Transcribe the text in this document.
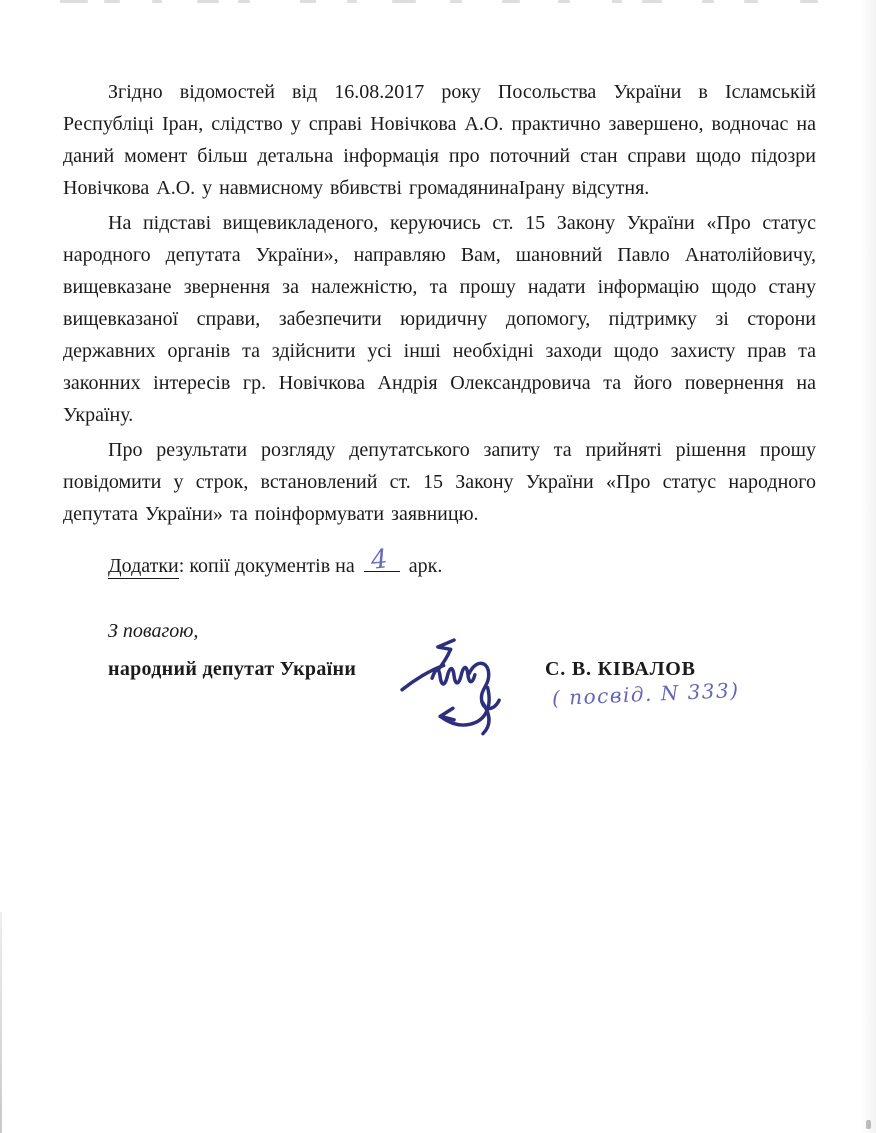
Згідно відомостей від 16.08.2017 року Посольства України в Ісламській Республіці Іран, слідство у справі Новічкова А.О. практично завершено, водночас на даний момент більш детальна інформація про поточний стан справи щодо підозри Новічкова А.О. у навмисному вбивстві громадянинаІрану відсутня.

На підставі вищевикладеного, керуючись ст. 15 Закону України «Про статус народного депутата України», направляю Вам, шановний Павло Анатолійовичу, вищевказане звернення за належністю, та прошу надати інформацію щодо стану вищевказаної справи, забезпечити юридичну допомогу, підтримку зі сторони державних органів та здійснити усі інші необхідні заходи щодо захисту прав та законних інтересів гр. Новічкова Андрія Олександровича та його повернення на Україну.

Про результати розгляду депутатського запиту та прийняті рішення прошу повідомити у строк, встановлений ст. 15 Закону України «Про статус народного депутата України» та поінформувати заявницю.

Додатки: копії документів на 4 арк.
З повагою,
народний депутат України	С. В. КІВАЛОВ
( посвід. N 333)
